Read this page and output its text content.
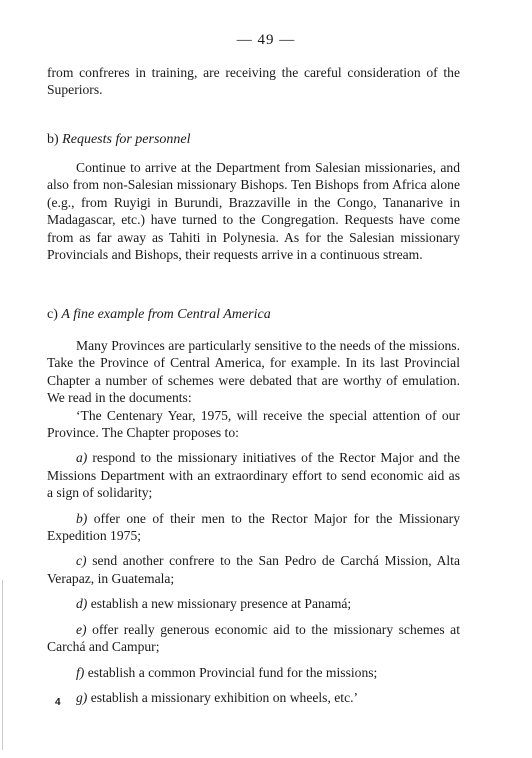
— 49 —

from confreres in training, are receiving the careful consideration of the Superiors.

b) Requests for personnel

Continue to arrive at the Department from Salesian missionaries, and also from non-Salesian missionary Bishops. Ten Bishops from Africa alone (e.g., from Ruyigi in Burundi, Brazzaville in the Congo, Tananarive in Madagascar, etc.) have turned to the Congregation. Requests have come from as far away as Tahiti in Polynesia. As for the Salesian missionary Provincials and Bishops, their requests arrive in a continuous stream.

c) A fine example from Central America

Many Provinces are particularly sensitive to the needs of the missions. Take the Province of Central America, for example. In its last Provincial Chapter a number of schemes were debated that are worthy of emulation. We read in the documents:

‘The Centenary Year, 1975, will receive the special attention of our Province. The Chapter proposes to:

a) respond to the missionary initiatives of the Rector Major and the Missions Department with an extraordinary effort to send economic aid as a sign of solidarity;

b) offer one of their men to the Rector Major for the Missionary Expedition 1975;

c) send another confrere to the San Pedro de Carchá Mission, Alta Verapaz, in Guatemala;

d) establish a new missionary presence at Panamá;

e) offer really generous economic aid to the missionary schemes at Carchá and Campur;

f) establish a common Provincial fund for the missions;

g) establish a missionary exhibition on wheels, etc.’

4
